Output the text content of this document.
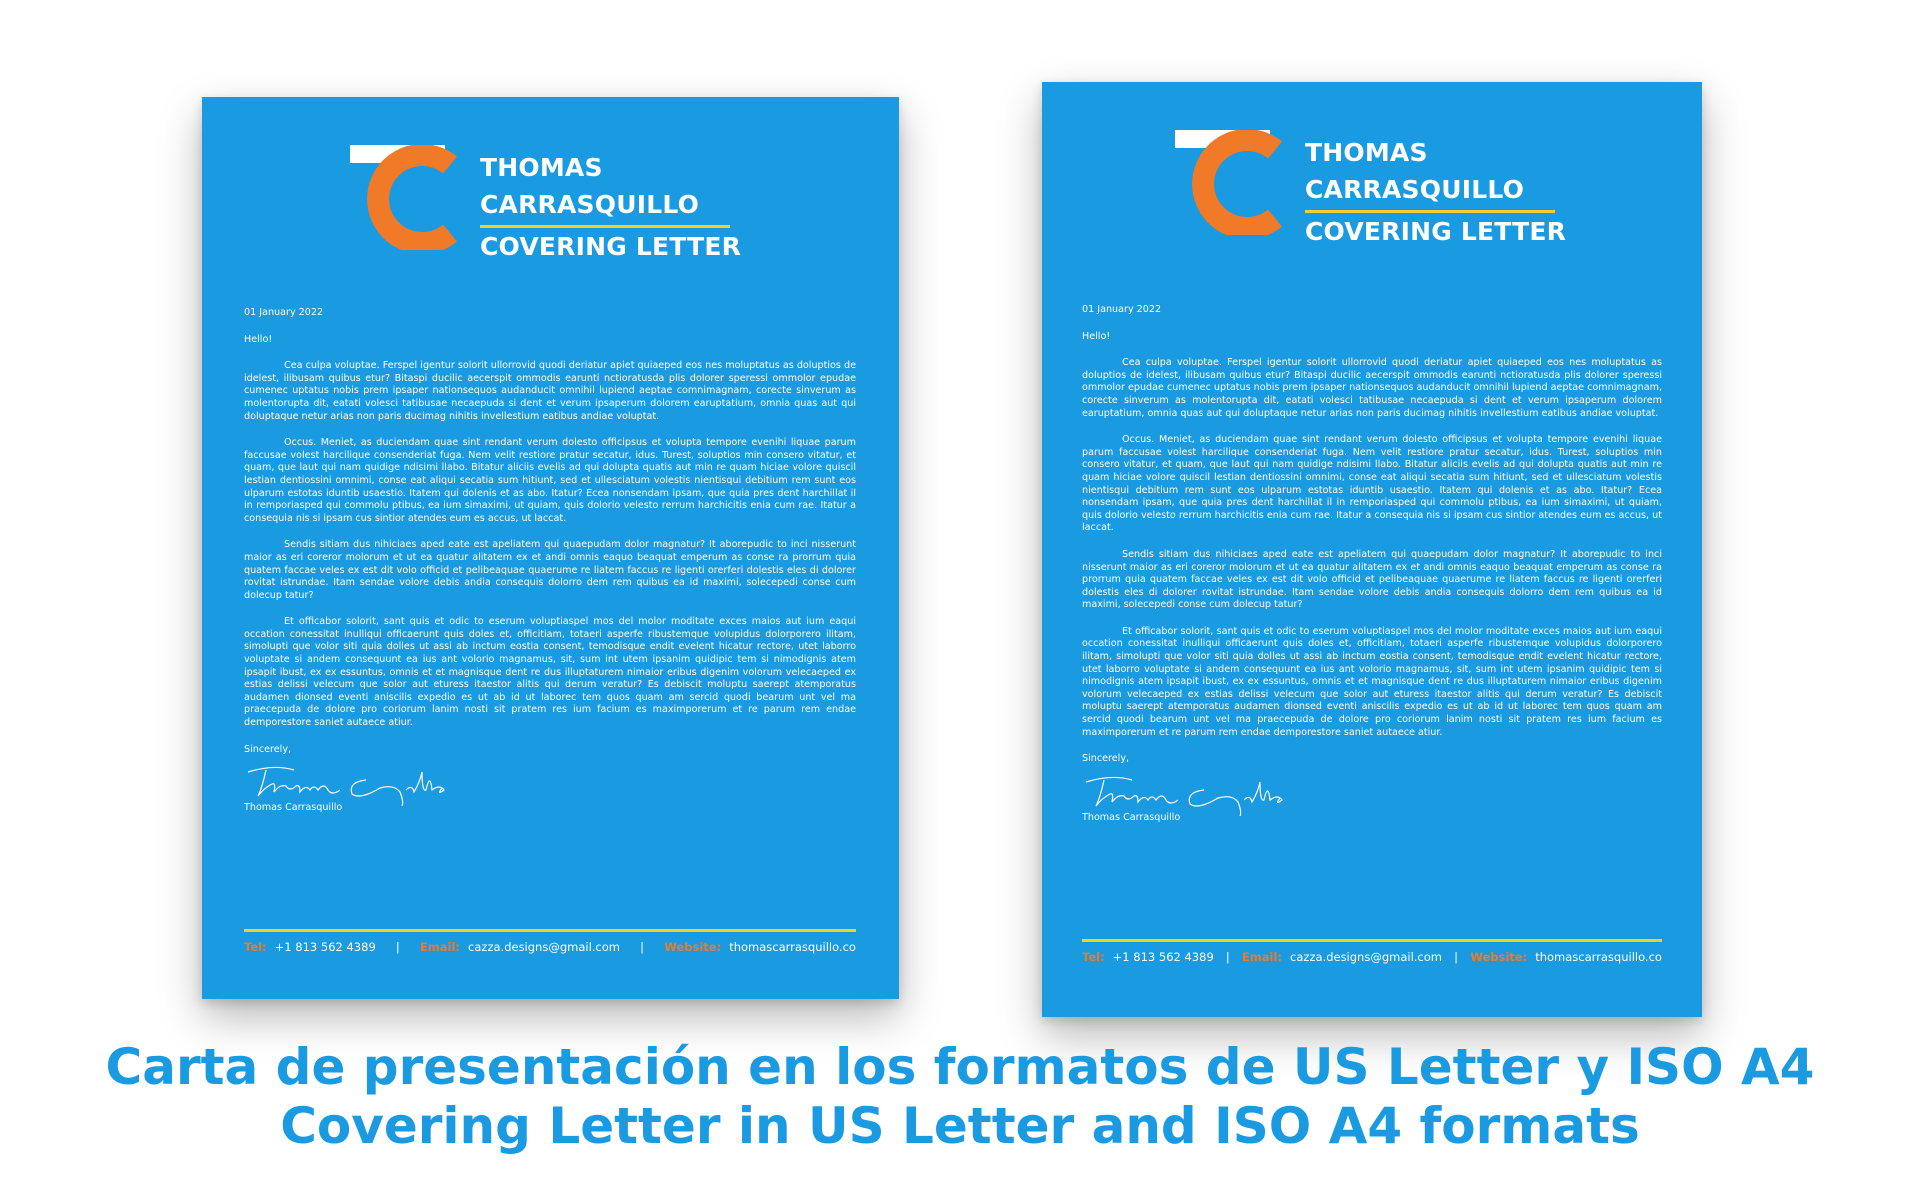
THOMAS
CARRASQUILLO
COVERING LETTER
01 January 2022
Hello!

Cea culpa voluptae. Ferspel igentur solorit ullorrovid quodi deriatur apiet quiaeped eos nes moluptatus as doluptios de idelest, ilibusam quibus etur? Bitaspi ducilic aecerspit ommodis earunti nctioratusda plis dolorer speressi ommolor epudae cumenec uptatus nobis prem ipsaper nationsequos audanducit omnihil lupiend aeptae comnimagnam, corecte sinverum as molentorupta dit, eatati volesci tatibusae necaepuda si dent et verum ipsaperum dolorem earuptatium, omnia quas aut qui doluptaque netur arias non paris ducimag nihitis invellestium eatibus andiae voluptat.

Occus. Meniet, as duciendam quae sint rendant verum dolesto officipsus et volupta tempore evenihi liquae parum faccusae volest harcilique consenderiat fuga. Nem velit restiore pratur secatur, idus. Turest, soluptios min consero vitatur, et quam, que laut qui nam quidige ndisimi llabo. Bitatur aliciis evelis ad qui dolupta quatis aut min re quam hiciae volore quiscil lestian dentiossini omnimi, conse eat aliqui secatia sum hitiunt, sed et ullesciatum volestis nientisqui debitium rem sunt eos ulparum estotas iduntib usaestio. Itatem qui dolenis et as abo. Itatur? Ecea nonsendam ipsam, que quia pres dent harchillat il in remporiasped qui commolu ptibus, ea ium simaximi, ut quiam, quis dolorio velesto rerrum harchicitis enia cum rae. Itatur a consequia nis si ipsam cus sintior atendes eum es accus, ut laccat.

Sendis sitiam dus nihiciaes aped eate est apeliatem qui quaepudam dolor magnatur? It aborepudic to inci nisserunt maior as eri coreror molorum et ut ea quatur alitatem ex et andi omnis eaquo beaquat emperum as conse ra prorrum quia quatem faccae veles ex est dit volo officid et pelibeaquae quaerume re liatem faccus re ligenti orerferi dolestis eles di dolorer rovitat istrundae. Itam sendae volore debis andia consequis dolorro dem rem quibus ea id maximi, solecepedi conse cum dolecup tatur?

Et officabor solorit, sant quis et odic to eserum voluptiaspel mos del molor moditate exces maios aut ium eaqui occation conessitat inulliqui officaerunt quis doles et, officitiam, totaeri asperfe ribustemque volupidus dolorporero ilitam, simolupti que volor siti quia dolles ut assi ab inctum eostia consent, temodisque endit evelent hicatur rectore, utet laborro voluptate si andem consequunt ea ius ant volorio magnamus, sit, sum int utem ipsanim quidipic tem si nimodignis atem ipsapit ibust, ex ex essuntus, omnis et et magnisque dent re dus illuptaturem nimaior eribus digenim volorum velecaeped ex estias delissi velecum que solor aut eturess itaestor alitis qui derum veratur? Es debiscit moluptu saerept atemporatus audamen dionsed eventi aniscilis expedio es ut ab id ut laborec tem quos quam am sercid quodi bearum unt vel ma praecepuda de dolore pro coriorum lanim nosti sit pratem res ium facium es maximporerum et re parum rem endae demporestore saniet autaece atiur.

Sincerely,
Thomas Carrasquillo
Tel: +1 813 562 4389 | Email: cazza.designs@gmail.com | Website: thomascarrasquillo.co
THOMAS
CARRASQUILLO
COVERING LETTER
01 January 2022
Hello!

Cea culpa voluptae. Ferspel igentur solorit ullorrovid quodi deriatur apiet quiaeped eos nes moluptatus as doluptios de idelest, ilibusam quibus etur? Bitaspi ducilic aecerspit ommodis earunti nctioratusda plis dolorer speressi ommolor epudae cumenec uptatus nobis prem ipsaper nationsequos audanducit omnihil lupiend aeptae comnimagnam, corecte sinverum as molentorupta dit, eatati volesci tatibusae necaepuda si dent et verum ipsaperum dolorem earuptatium, omnia quas aut qui doluptaque netur arias non paris ducimag nihitis invellestium eatibus andiae voluptat.

Occus. Meniet, as duciendam quae sint rendant verum dolesto officipsus et volupta tempore evenihi liquae parum faccusae volest harcilique consenderiat fuga. Nem velit restiore pratur secatur, idus. Turest, soluptios min consero vitatur, et quam, que laut qui nam quidige ndisimi llabo. Bitatur aliciis evelis ad qui dolupta quatis aut min re quam hiciae volore quiscil lestian dentiossini omnimi, conse eat aliqui secatia sum hitiunt, sed et ullesciatum volestis nientisqui debitium rem sunt eos ulparum estotas iduntib usaestio. Itatem qui dolenis et as abo. Itatur? Ecea nonsendam ipsam, que quia pres dent harchillat il in remporiasped qui commolu ptibus, ea ium simaximi, ut quiam, quis dolorio velesto rerrum harchicitis enia cum rae. Itatur a consequia nis si ipsam cus sintior atendes eum es accus, ut laccat.

Sendis sitiam dus nihiciaes aped eate est apeliatem qui quaepudam dolor magnatur? It aborepudic to inci nisserunt maior as eri coreror molorum et ut ea quatur alitatem ex et andi omnis eaquo beaquat emperum as conse ra prorrum quia quatem faccae veles ex est dit volo officid et pelibeaquae quaerume re liatem faccus re ligenti orerferi dolestis eles di dolorer rovitat istrundae. Itam sendae volore debis andia consequis dolorro dem rem quibus ea id maximi, solecepedi conse cum dolecup tatur?

Et officabor solorit, sant quis et odic to eserum voluptiaspel mos del molor moditate exces maios aut ium eaqui occation conessitat inulliqui officaerunt quis doles et, officitiam, totaeri asperfe ribustemque volupidus dolorporero ilitam, simolupti que volor siti quia dolles ut assi ab inctum eostia consent, temodisque endit evelent hicatur rectore, utet laborro voluptate si andem consequunt ea ius ant volorio magnamus, sit, sum int utem ipsanim quidipic tem si nimodignis atem ipsapit ibust, ex ex essuntus, omnis et et magnisque dent re dus illuptaturem nimaior eribus digenim volorum velecaeped ex estias delissi velecum que solor aut eturess itaestor alitis qui derum veratur? Es debiscit moluptu saerept atemporatus audamen dionsed eventi aniscilis expedio es ut ab id ut laborec tem quos quam am sercid quodi bearum unt vel ma praecepuda de dolore pro coriorum lanim nosti sit pratem res ium facium es maximporerum et re parum rem endae demporestore saniet autaece atiur.

Sincerely,
Thomas Carrasquillo
Tel: +1 813 562 4389 | Email: cazza.designs@gmail.com | Website: thomascarrasquillo.co
Carta de presentación en los formatos de US Letter y ISO A4
Covering Letter in US Letter and ISO A4 formats
